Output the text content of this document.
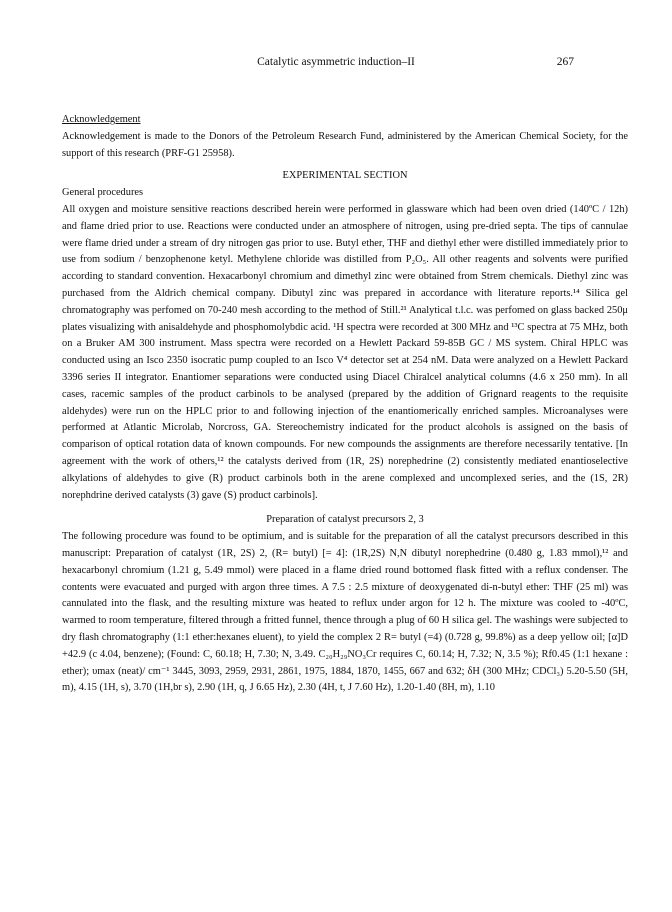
Catalytic asymmetric induction–II	267

Acknowledgement

Acknowledgement is made to the Donors of the Petroleum Research Fund, administered by the American Chemical Society, for the support of this research (PRF-G1 25958).

EXPERIMENTAL SECTION

General procedures

All oxygen and moisture sensitive reactions described herein were performed in glassware which had been oven dried (140ºC / 12h) and flame dried prior to use. Reactions were conducted under an atmosphere of nitrogen, using pre-dried septa. The tips of cannulae were flame dried under a stream of dry nitrogen gas prior to use. Butyl ether, THF and diethyl ether were distilled immediately prior to use from sodium / benzophenone ketyl. Methylene chloride was distilled from P₂O₅. All other reagents and solvents were purified according to standard convention. Hexacarbonyl chromium and dimethyl zinc were obtained from Strem chemicals. Diethyl zinc was purchased from the Aldrich chemical company. Dibutyl zinc was prepared in accordance with literature reports.¹⁴ Silica gel chromatography was perfomed on 70-240 mesh according to the method of Still.²¹ Analytical t.l.c. was perfomed on glass backed 250μ plates visualizing with anisaldehyde and phosphomolybdic acid. ¹H spectra were recorded at 300 MHz and ¹³C spectra at 75 MHz, both on a Bruker AM 300 instrument. Mass spectra were recorded on a Hewlett Packard 59-85B GC / MS system. Chiral HPLC was conducted using an Isco 2350 isocratic pump coupled to an Isco V⁴ detector set at 254 nM. Data were analyzed on a Hewlett Packard 3396 series II integrator. Enantiomer separations were conducted using Diacel Chiralcel analytical columns (4.6 x 250 mm). In all cases, racemic samples of the product carbinols to be analysed (prepared by the addition of Grignard reagents to the requisite aldehydes) were run on the HPLC prior to and following injection of the enantiomerically enriched samples. Microanalyses were performed at Atlantic Microlab, Norcross, GA. Stereochemistry indicated for the product alcohols is assigned on the basis of comparison of optical rotation data of known compounds. For new compounds the assignments are therefore necessarily tentative. [In agreement with the work of others,¹² the catalysts derived from (1R, 2S) norephedrine (2) consistently mediated enantioselective alkylations of aldehydes to give (R) product carbinols both in the arene complexed and uncomplexed series, and the (1S, 2R) norephdrine derived catalysts (3) gave (S) product carbinols].

Preparation of catalyst precursors 2, 3

The following procedure was found to be optimium, and is suitable for the preparation of all the catalyst precursors described in this manuscript: Preparation of catalyst (1R, 2S) 2, (R= butyl) [= 4]: (1R,2S) N,N dibutyl norephedrine (0.480 g, 1.83 mmol),¹² and hexacarbonyl chromium (1.21 g, 5.49 mmol) were placed in a flame dried round bottomed flask fitted with a reflux condenser. The contents were evacuated and purged with argon three times. A 7.5 : 2.5 mixture of deoxygenated di-n-butyl ether: THF (25 ml) was cannulated into the flask, and the resulting mixture was heated to reflux under argon for 12 h. The mixture was cooled to -40ºC, warmed to room temperature, filtered through a fritted funnel, thence through a plug of 60 H silica gel. The washings were subjected to dry flash chromatography (1:1 ether:hexanes eluent), to yield the complex 2 R= butyl (=4) (0.728 g, 99.8%) as a deep yellow oil; [α]D +42.9 (c 4.04, benzene); (Found: C, 60.18; H, 7.30; N, 3.49. C₂₀H₂₉NO₃Cr requires C, 60.14; H, 7.32; N, 3.5 %); Rf0.45 (1:1 hexane : ether); υmax (neat)/ cm⁻¹ 3445, 3093, 2959, 2931, 2861, 1975, 1884, 1870, 1455, 667 and 632; δH (300 MHz; CDCl₃) 5.20-5.50 (5H, m), 4.15 (1H, s), 3.70 (1H,br s), 2.90 (1H, q, J 6.65 Hz), 2.30 (4H, t, J 7.60 Hz), 1.20-1.40 (8H, m), 1.10
